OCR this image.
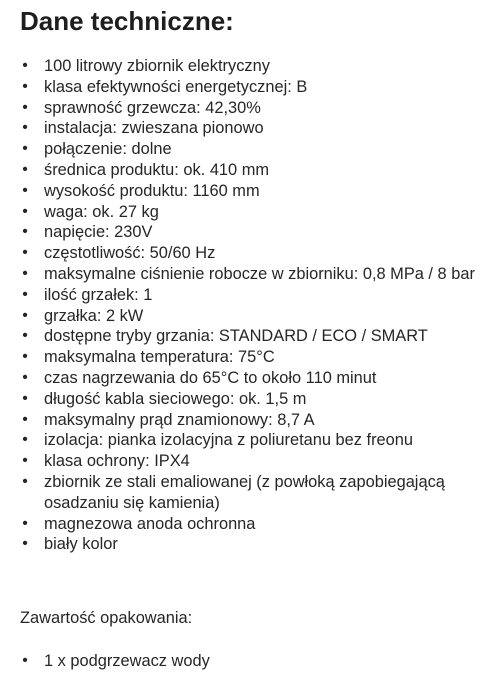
Dane techniczne:
• 100 litrowy zbiornik elektryczny
• klasa efektywności energetycznej: B
• sprawność grzewcza: 42,30%
• instalacja: zwieszana pionowo
• połączenie: dolne
• średnica produktu: ok. 410 mm
• wysokość produktu: 1160 mm
• waga: ok. 27 kg
• napięcie: 230V
• częstotliwość: 50/60 Hz
• maksymalne ciśnienie robocze w zbiorniku: 0,8 MPa / 8 bar
• ilość grzałek: 1
• grzałka: 2 kW
• dostępne tryby grzania: STANDARD / ECO / SMART
• maksymalna temperatura: 75°C
• czas nagrzewania do 65°C to około 110 minut
• długość kabla sieciowego: ok. 1,5 m
• maksymalny prąd znamionowy: 8,7 A
• izolacja: pianka izolacyjna z poliuretanu bez freonu
• klasa ochrony: IPX4
• zbiornik ze stali emaliowanej (z powłoką zapobiegającą osadzaniu się kamienia)
• magnezowa anoda ochronna
• biały kolor

Zawartość opakowania:

• 1 x podgrzewacz wody
